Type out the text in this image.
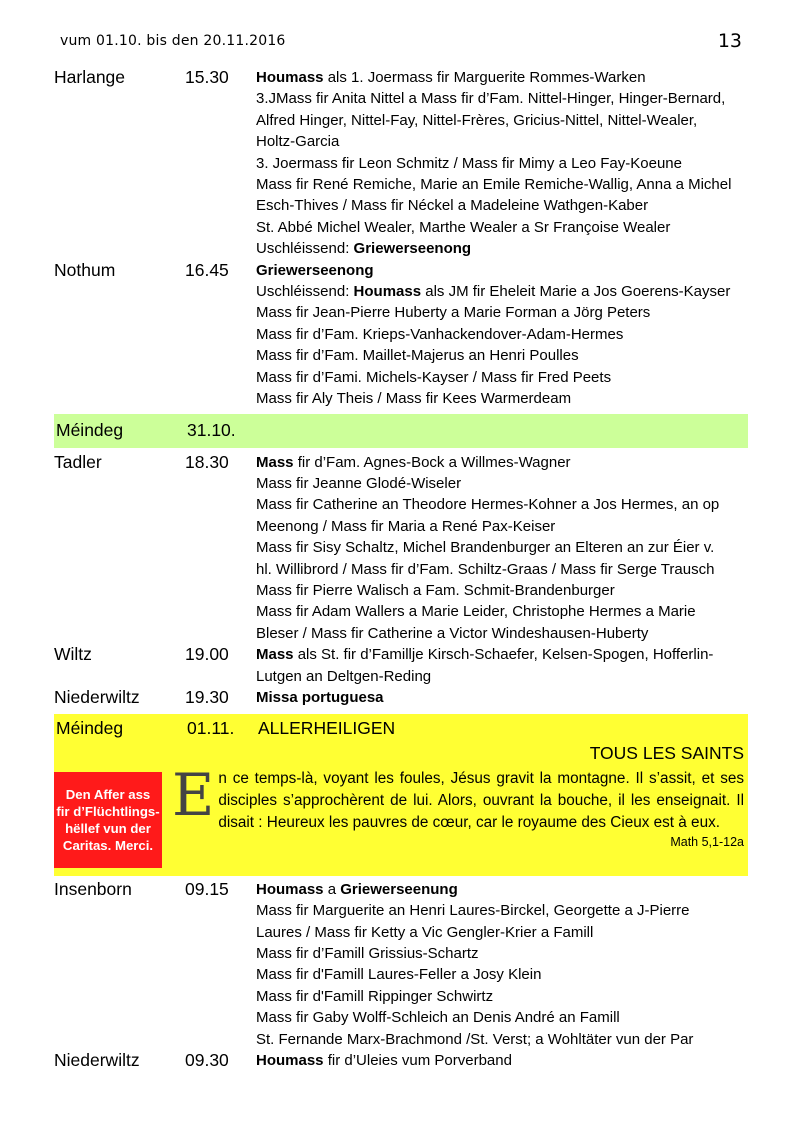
vum 01.10. bis den 20.11.2016	13
Harlange	15.30	Houmass als 1. Joermass fir Marguerite Rommes-Warken
3.JMass fir Anita Nittel a Mass fir d’Fam. Nittel-Hinger, Hinger-Bernard,
Alfred Hinger, Nittel-Fay, Nittel-Frères, Gricius-Nittel, Nittel-Wealer,
Holtz-Garcia
3. Joermass fir Leon Schmitz / Mass fir Mimy a Leo Fay-Koeune
Mass fir René Remiche, Marie an Emile Remiche-Wallig, Anna a Michel
Esch-Thives / Mass fir Néckel a Madeleine Wathgen-Kaber
St. Abbé Michel Wealer, Marthe Wealer a Sr Françoise Wealer
Uschléissend: Griewerseenong
Nothum	16.45	Griewerseenong
Uschléissend: Houmass als JM fir Eheleit Marie a Jos Goerens-Kayser
Mass fir Jean-Pierre Huberty a Marie Forman a Jörg Peters
Mass fir d’Fam. Krieps-Vanhackendover-Adam-Hermes
Mass fir d’Fam. Maillet-Majerus an Henri Poulles
Mass fir d’Fami. Michels-Kayser / Mass fir Fred Peets
Mass fir Aly Theis / Mass fir Kees Warmerdeam
Méindeg	31.10.
Tadler	18.30	Mass fir d’Fam. Agnes-Bock a Willmes-Wagner
Mass fir Jeanne Glodé-Wiseler
Mass fir Catherine an Theodore Hermes-Kohner a Jos Hermes, an op
Meenong / Mass fir Maria a René Pax-Keiser
Mass fir Sisy Schaltz, Michel Brandenburger an Elteren an zur Éier v.
hl. Willibrord / Mass fir d’Fam. Schiltz-Graas / Mass fir Serge Trausch
Mass fir Pierre Walisch a Fam. Schmit-Brandenburger
Mass fir Adam Wallers a Marie Leider, Christophe Hermes a Marie
Bleser / Mass fir Catherine a Victor Windeshausen-Huberty
Wiltz	19.00	Mass als St. fir d’Famillje Kirsch-Schaefer, Kelsen-Spogen, Hofferlin-
Lutgen an Deltgen-Reding
Niederwiltz	19.30	Missa portuguesa
Méindeg	01.11.	ALLERHEILIGEN
TOUS LES SAINTS
Den Affer ass
fir d’Flüchtlings-
hëllef vun der
Caritas. Merci.
E n ce temps-là, voyant les foules, Jésus gravit la montagne. Il s’assit, et ses disciples s’approchèrent de lui. Alors, ouvrant la bouche, il les enseignait. Il disait : Heureux les pauvres de cœur, car le royaume des Cieux est à eux.
Math 5,1-12a
Insenborn	09.15	Houmass a Griewerseenung
Mass fir Marguerite an Henri Laures-Birckel, Georgette a J-Pierre
Laures / Mass fir Ketty a Vic Gengler-Krier a Famill
Mass fir d’Famill Grissius-Schartz
Mass fir d'Famill Laures-Feller a Josy Klein
Mass fir d'Famill Rippinger Schwirtz
Mass fir Gaby Wolff-Schleich an Denis André an Famill
St. Fernande Marx-Brachmond /St. Verst; a Wohltäter vun der Par
Niederwiltz	09.30	Houmass fir d’Uleies vum Porverband
